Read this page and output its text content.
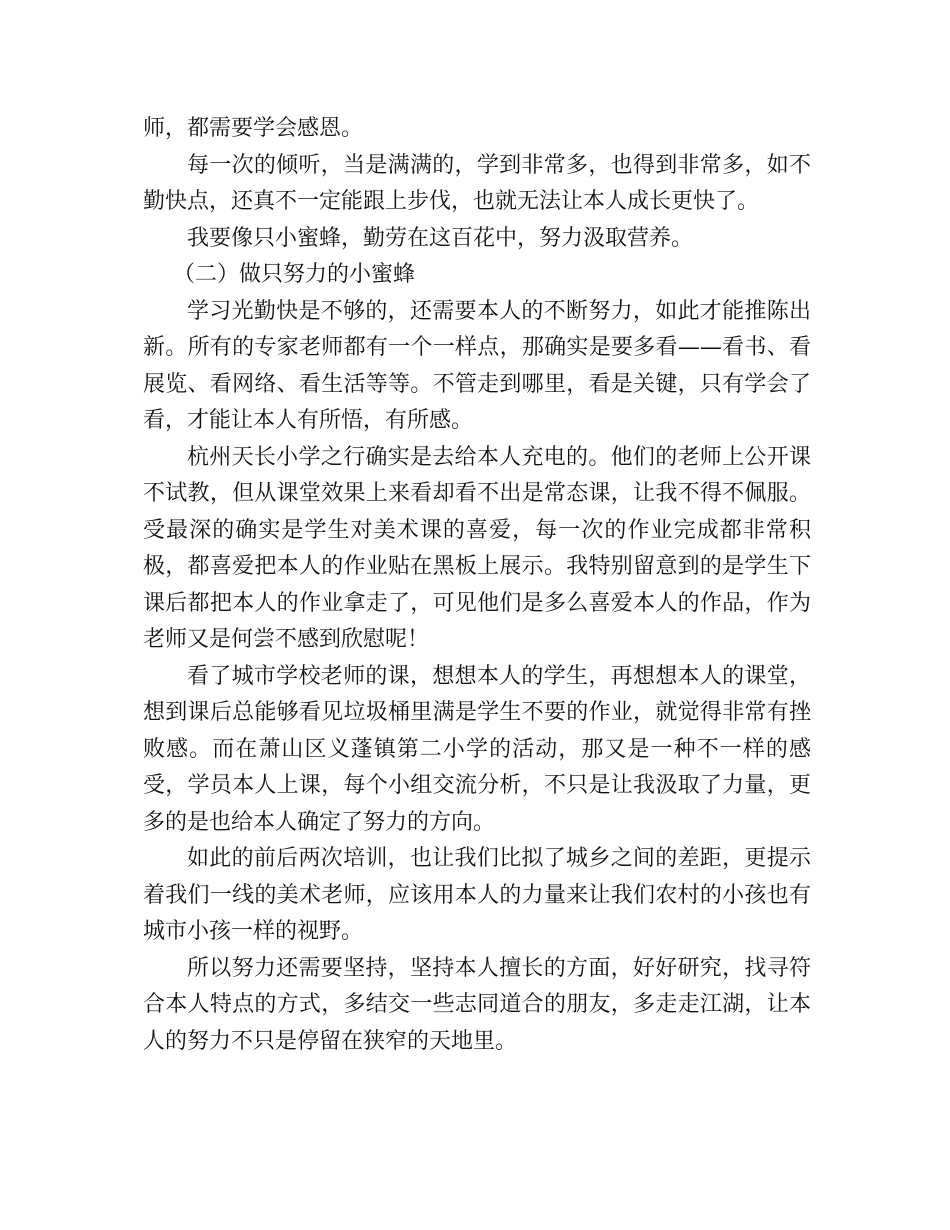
师，都需要学会感恩。

每一次的倾听，当是满满的，学到非常多，也得到非常多，如不勤快点，还真不一定能跟上步伐，也就无法让本人成长更快了。

我要像只小蜜蜂，勤劳在这百花中，努力汲取营养。

（二）做只努力的小蜜蜂

学习光勤快是不够的，还需要本人的不断努力，如此才能推陈出新。所有的专家老师都有一个一样点，那确实是要多看——看书、看展览、看网络、看生活等等。不管走到哪里，看是关键，只有学会了看，才能让本人有所悟，有所感。

杭州天长小学之行确实是去给本人充电的。他们的老师上公开课不试教，但从课堂效果上来看却看不出是常态课，让我不得不佩服。受最深的确实是学生对美术课的喜爱，每一次的作业完成都非常积极，都喜爱把本人的作业贴在黑板上展示。我特别留意到的是学生下课后都把本人的作业拿走了，可见他们是多么喜爱本人的作品，作为老师又是何尝不感到欣慰呢！

看了城市学校老师的课，想想本人的学生，再想想本人的课堂，想到课后总能够看见垃圾桶里满是学生不要的作业，就觉得非常有挫败感。而在萧山区义蓬镇第二小学的活动，那又是一种不一样的感受，学员本人上课，每个小组交流分析，不只是让我汲取了力量，更多的是也给本人确定了努力的方向。

如此的前后两次培训，也让我们比拟了城乡之间的差距，更提示着我们一线的美术老师，应该用本人的力量来让我们农村的小孩也有城市小孩一样的视野。

所以努力还需要坚持，坚持本人擅长的方面，好好研究，找寻符合本人特点的方式，多结交一些志同道合的朋友，多走走江湖，让本人的努力不只是停留在狭窄的天地里。
